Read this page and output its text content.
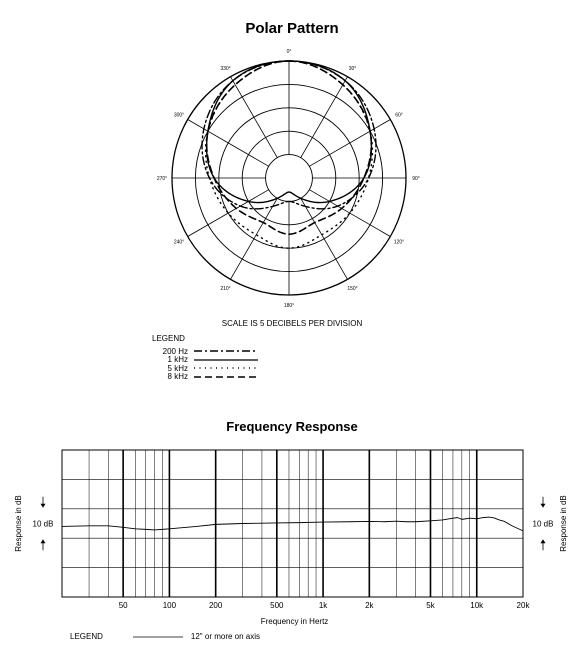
Polar Pattern
0°
30°
60°
90°
120°
150°
180°
210°
240°
270°
300°
330°
SCALE IS 5 DECIBELS PER DIVISION
LEGEND
200 Hz
1 kHz
5 kHz
8 kHz
Frequency Response
50	100	200	500	1k	2k	5k	10k	20k
Frequency in Hertz
Response in dB	Response in dB
10 dB	10 dB
LEGEND	12" or more on axis
